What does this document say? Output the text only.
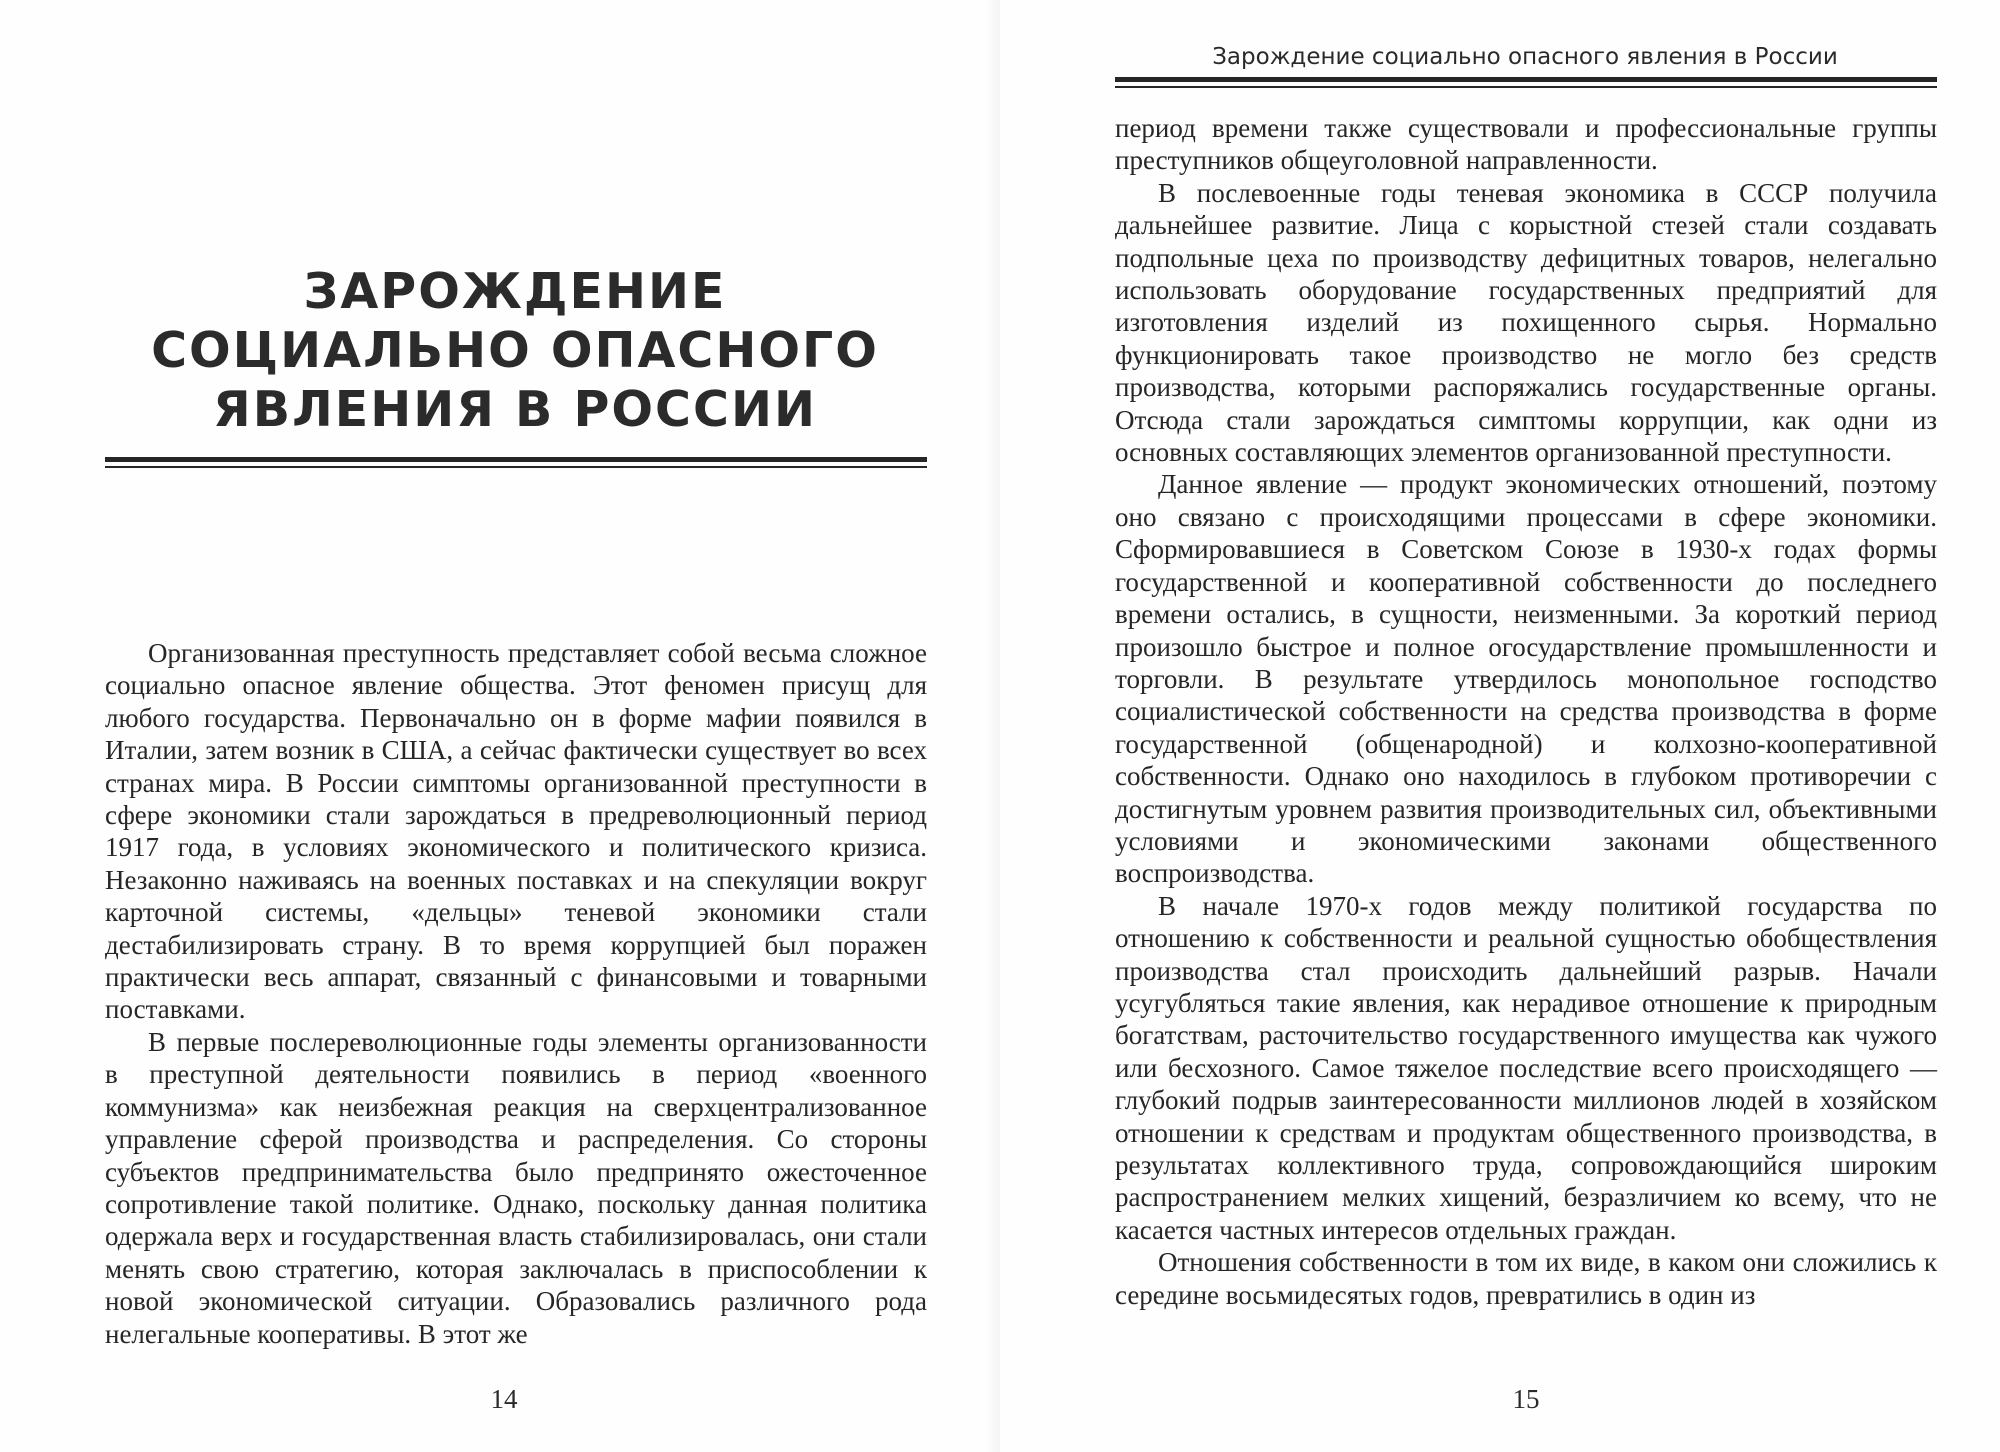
ЗАРОЖДЕНИЕ
СОЦИАЛЬНО ОПАСНОГО
ЯВЛЕНИЯ В РОССИИ

Организованная преступность представляет собой весьма сложное социально опасное явление общества. Этот феномен присущ для любого государства. Первоначально он в форме мафии появился в Италии, затем возник в США, а сейчас фактически существует во всех странах мира. В России симптомы организованной преступности в сфере экономики стали зарождаться в предреволюционный период 1917 года, в условиях экономического и политического кризиса. Незаконно наживаясь на военных поставках и на спекуляции вокруг карточной системы, «дельцы» теневой экономики стали дестабилизировать страну. В то время коррупцией был поражен практически весь аппарат, связанный с финансовыми и товарными поставками.

В первые послереволюционные годы элементы организованности в преступной деятельности появились в период «военного коммунизма» как неизбежная реакция на сверхцентрализованное управление сферой производства и распределения. Со стороны субъектов предпринимательства было предпринято ожесточенное сопротивление такой политике. Однако, поскольку данная политика одержала верх и государственная власть стабилизировалась, они стали менять свою стратегию, которая заключалась в приспособлении к новой экономической ситуации. Образовались различного рода нелегальные кооперативы. В этот же

14
Зарождение социально опасного явления в России

период времени также существовали и профессиональные группы преступников общеуголовной направленности.

В послевоенные годы теневая экономика в СССР получила дальнейшее развитие. Лица с корыстной стезей стали создавать подпольные цеха по производству дефицитных товаров, нелегально использовать оборудование государственных предприятий для изготовления изделий из похищенного сырья. Нормально функционировать такое производство не могло без средств производства, которыми распоряжались государственные органы. Отсюда стали зарождаться симптомы коррупции, как одни из основных составляющих элементов организованной преступности.

Данное явление — продукт экономических отношений, поэтому оно связано с происходящими процессами в сфере экономики. Сформировавшиеся в Советском Союзе в 1930-х годах формы государственной и кооперативной собственности до последнего времени остались, в сущности, неизменными. За короткий период произошло быстрое и полное огосударствление промышленности и торговли. В результате утвердилось монопольное господство социалистической собственности на средства производства в форме государственной (общенародной) и колхозно-кооперативной собственности. Однако оно находилось в глубоком противоречии с достигнутым уровнем развития производительных сил, объективными условиями и экономическими законами общественного воспроизводства.

В начале 1970-х годов между политикой государства по отношению к собственности и реальной сущностью обобществления производства стал происходить дальнейший разрыв. Начали усугубляться такие явления, как нерадивое отношение к природным богатствам, расточительство государственного имущества как чужого или бесхозного. Самое тяжелое последствие всего происходящего — глубокий подрыв заинтересованности миллионов людей в хозяйском отношении к средствам и продуктам общественного производства, в результатах коллективного труда, сопровождающийся широким распространением мелких хищений, безразличием ко всему, что не касается частных интересов отдельных граждан.

Отношения собственности в том их виде, в каком они сложились к середине восьмидесятых годов, превратились в один из

15
